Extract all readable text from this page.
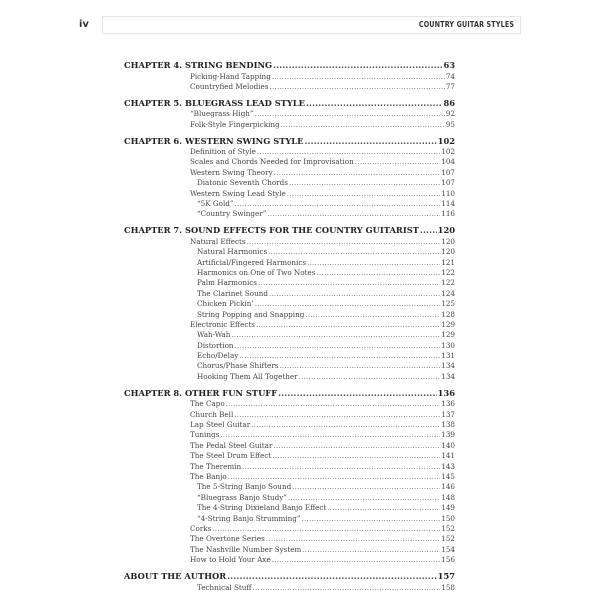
iv	COUNTRY GUITAR STYLES
CHAPTER 4. STRING BENDING .....	63
Picking-Hand Tapping .....	74
Countryfied Melodies .....	77
CHAPTER 5. BLUEGRASS LEAD STYLE .....	86
“Bluegrass High” .....	92
Folk-Style Fingerpicking .....	95
CHAPTER 6. WESTERN SWING STYLE .....	102
Definition of Style .....	102
Scales and Chords Needed for Improvisation .....	104
Western Swing Theory .....	107
Diatonic Seventh Chords .....	107
Western Swing Lead Style .....	110
“5K Gold” .....	114
“Country Swinger” .....	116
CHAPTER 7. SOUND EFFECTS FOR THE COUNTRY GUITARIST ..... 120
Natural Effects .....	120
Natural Harmonics .....	120
Artificial/Fingered Harmonics .....	121
Harmonics on One of Two Notes .....	122
Palm Harmonics .....	122
The Clarinet Sound .....	124
Chicken Pickin’ .....	125
String Popping and Snapping .....	128
Electronic Effects .....	129
Wah-Wah .....	129
Distortion .....	130
Echo/Delay .....	131
Chorus/Phase Shifters .....	134
Hooking Them All Together .....	134
CHAPTER 8. OTHER FUN STUFF .....	136
The Capo .....	136
Church Bell .....	137
Lap Steel Guitar .....	138
Tunings .....	139
The Pedal Steel Guitar .....	140
The Steel Drum Effect .....	141
The Theremin .....	143
The Banjo .....	145
The 5-String Banjo Sound .....	146
“Bluegrass Banjo Study” .....	148
The 4-String Dixieland Banjo Effect .....	149
“4-String Banjo Strumming” .....	150
Corks .....	152
The Overtone Series .....	152
The Nashville Number System .....	154
How to Hold Your Axe .....	156
ABOUT THE AUTHOR .....	157
Technical Stuff .....	158
